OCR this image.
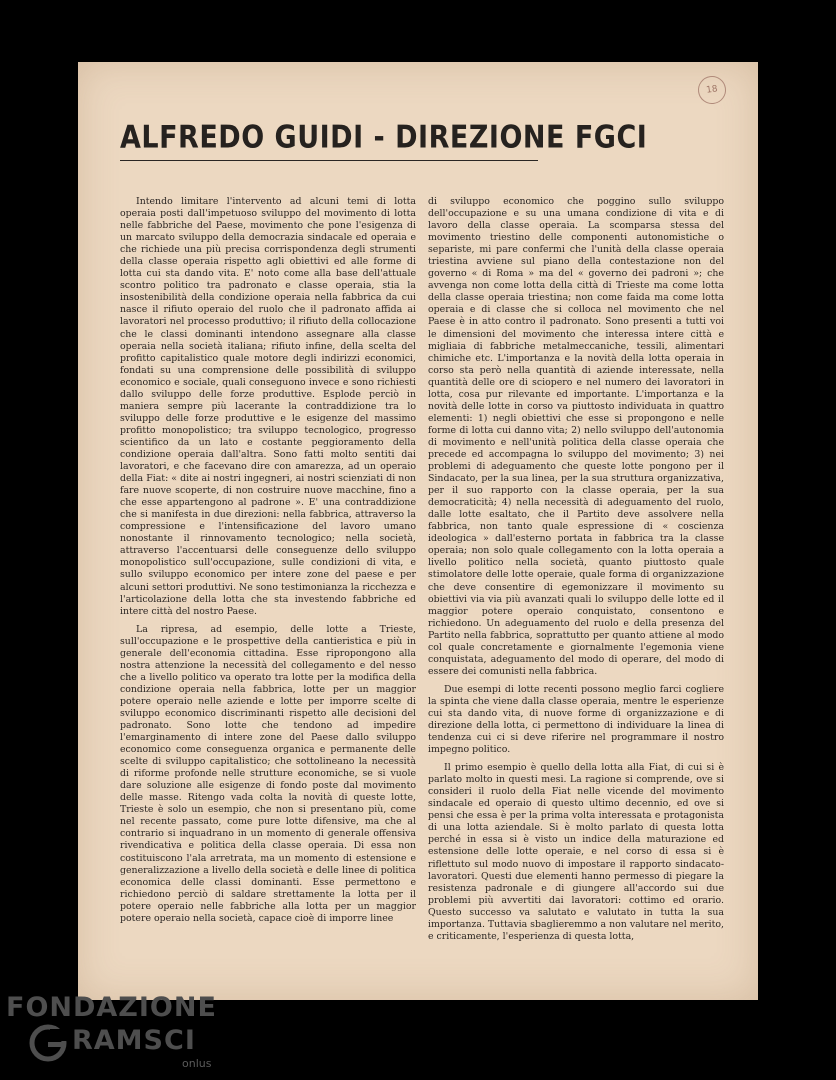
18
ALFREDO GUIDI - DIREZIONE FGCI

Intendo limitare l'intervento ad alcuni temi di lotta operaia posti dall'impetuoso sviluppo del movimento di lotta nelle fabbriche del Paese, movimento che pone l'esigenza di un marcato sviluppo della democrazia sindacale ed operaia e che richiede una più precisa corrispondenza degli strumenti della classe operaia rispetto agli obiettivi ed alle forme di lotta cui sta dando vita. E' noto come alla base dell'attuale scontro politico tra padronato e classe operaia, stia la insostenibilità della condizione operaia nella fabbrica da cui nasce il rifiuto operaio del ruolo che il padronato affida ai lavoratori nel processo produttivo; il rifiuto della collocazione che le classi dominanti intendono assegnare alla classe operaia nella società italiana; rifiuto infine, della scelta del profitto capitalistico quale motore degli indirizzi economici, fondati su una comprensione delle possibilità di sviluppo economico e sociale, quali conseguono invece e sono richiesti dallo sviluppo delle forze produttive. Esplode perciò in maniera sempre più lacerante la contraddizione tra lo sviluppo delle forze produttive e le esigenze del massimo profitto monopolistico; tra sviluppo tecnologico, progresso scientifico da un lato e costante peggioramento della condizione operaia dall'altra. Sono fatti molto sentiti dai lavoratori, e che facevano dire con amarezza, ad un operaio della Fiat: « dite ai nostri ingegneri, ai nostri scienziati di non fare nuove scoperte, di non costruire nuove macchine, fino a che esse appartengono al padrone ». E' una contraddizione che si manifesta in due direzioni: nella fabbrica, attraverso la compressione e l'intensificazione del lavoro umano nonostante il rinnovamento tecnologico; nella società, attraverso l'accentuarsi delle conseguenze dello sviluppo monopolistico sull'occupazione, sulle condizioni di vita, e sullo sviluppo economico per intere zone del paese e per alcuni settori produttivi. Ne sono testimonianza la ricchezza e l'articolazione della lotta che sta investendo fabbriche ed intere città del nostro Paese.

La ripresa, ad esempio, delle lotte a Trieste, sull'occupazione e le prospettive della cantieristica e più in generale dell'economia cittadina. Esse ripropongono alla nostra attenzione la necessità del collegamento e del nesso che a livello politico va operato tra lotte per la modifica della condizione operaia nella fabbrica, lotte per un maggior potere operaio nelle aziende e lotte per imporre scelte di sviluppo economico discriminanti rispetto alle decisioni del padronato. Sono lotte che tendono ad impedire l'emarginamento di intere zone del Paese dallo sviluppo economico come conseguenza organica e permanente delle scelte di sviluppo capitalistico; che sottolineano la necessità di riforme profonde nelle strutture economiche, se si vuole dare soluzione alle esigenze di fondo poste dal movimento delle masse. Ritengo vada colta la novità di queste lotte, Trieste è solo un esempio, che non si presentano più, come nel recente passato, come pure lotte difensive, ma che al contrario si inquadrano in un momento di generale offensiva rivendicativa e politica della classe operaia. Di essa non costituiscono l'ala arretrata, ma un momento di estensione e generalizzazione a livello della società e delle linee di politica economica delle classi dominanti. Esse permettono e richiedono perciò di saldare strettamente la lotta per il potere operaio nelle fabbriche alla lotta per un maggior potere operaio nella società, capace cioè di imporre linee

di sviluppo economico che poggino sullo sviluppo dell'occupazione e su una umana condizione di vita e di lavoro della classe operaia. La scomparsa stessa del movimento triestino delle componenti autonomistiche o separiste, mi pare confermi che l'unità della classe operaia triestina avviene sul piano della contestazione non del governo « di Roma » ma del « governo dei padroni »; che avvenga non come lotta della città di Trieste ma come lotta della classe operaia triestina; non come faida ma come lotta operaia e di classe che si colloca nel movimento che nel Paese è in atto contro il padronato. Sono presenti a tutti voi le dimensioni del movimento che interessa intere città e migliaia di fabbriche metalmeccaniche, tessili, alimentari chimiche etc. L'importanza e la novità della lotta operaia in corso sta però nella quantità di aziende interessate, nella quantità delle ore di sciopero e nel numero dei lavoratori in lotta, cosa pur rilevante ed importante. L'importanza e la novità delle lotte in corso va piuttosto individuata in quattro elementi: 1) negli obiettivi che esse si propongono e nelle forme di lotta cui danno vita; 2) nello sviluppo dell'autonomia di movimento e nell'unità politica della classe operaia che precede ed accompagna lo sviluppo del movimento; 3) nei problemi di adeguamento che queste lotte pongono per il Sindacato, per la sua linea, per la sua struttura organizzativa, per il suo rapporto con la classe operaia, per la sua democraticità; 4) nella necessità di adeguamento del ruolo, dalle lotte esaltato, che il Partito deve assolvere nella fabbrica, non tanto quale espressione di « coscienza ideologica » dall'esterno portata in fabbrica tra la classe operaia; non solo quale collegamento con la lotta operaia a livello politico nella società, quanto piuttosto quale stimolatore delle lotte operaie, quale forma di organizzazione che deve consentire di egemonizzare il movimento su obiettivi via via più avanzati quali lo sviluppo delle lotte ed il maggior potere operaio conquistato, consentono e richiedono. Un adeguamento del ruolo e della presenza del Partito nella fabbrica, soprattutto per quanto attiene al modo col quale concretamente e giornalmente l'egemonia viene conquistata, adeguamento del modo di operare, del modo di essere dei comunisti nella fabbrica.

Due esempi di lotte recenti possono meglio farci cogliere la spinta che viene dalla classe operaia, mentre le esperienze cui sta dando vita, di nuove forme di organizzazione e di direzione della lotta, ci permettono di individuare la linea di tendenza cui ci si deve riferire nel programmare il nostro impegno politico.

Il primo esempio è quello della lotta alla Fiat, di cui si è parlato molto in questi mesi. La ragione si comprende, ove si consideri il ruolo della Fiat nelle vicende del movimento sindacale ed operaio di questo ultimo decennio, ed ove si pensi che essa è per la prima volta interessata e protagonista di una lotta aziendale. Si è molto parlato di questa lotta perché in essa si è visto un indice della maturazione ed estensione delle lotte operaie, e nel corso di essa si è riflettuto sul modo nuovo di impostare il rapporto sindacato-lavoratori. Questi due elementi hanno permesso di piegare la resistenza padronale e di giungere all'accordo sui due problemi più avvertiti dai lavoratori: cottimo ed orario. Questo successo va salutato e valutato in tutta la sua importanza. Tuttavia sbaglieremmo a non valutare nel merito, e criticamente, l'esperienza di questa lotta,

FONDAZIONE
RAMSCI
onlus
